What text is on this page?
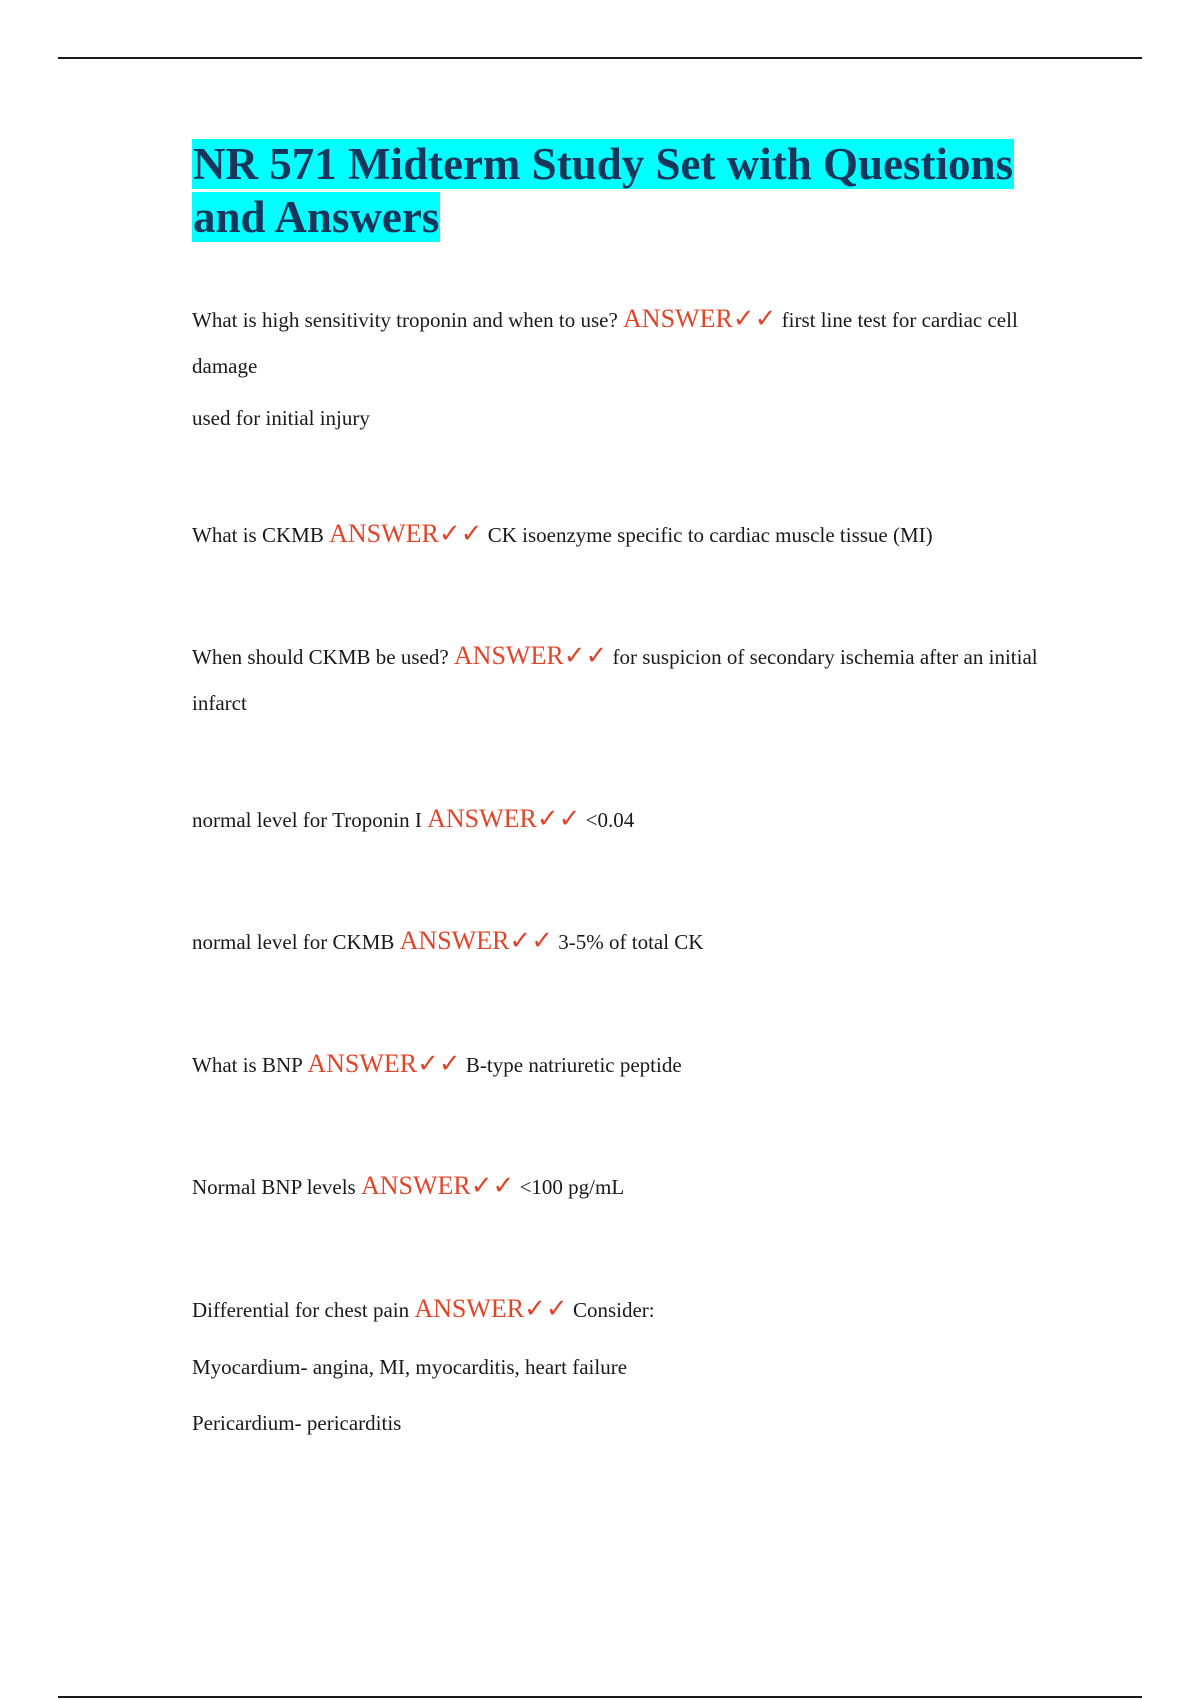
NR 571 Midterm Study Set with Questions
and Answers

What is high sensitivity troponin and when to use? ANSWER✓✓ first line test for cardiac cell damage

used for initial injury

What is CKMB ANSWER✓✓ CK isoenzyme specific to cardiac muscle tissue (MI)

When should CKMB be used? ANSWER✓✓ for suspicion of secondary ischemia after an initial infarct

normal level for Troponin I ANSWER✓✓ <0.04

normal level for CKMB ANSWER✓✓ 3-5% of total CK

What is BNP ANSWER✓✓ B-type natriuretic peptide

Normal BNP levels ANSWER✓✓ <100 pg/mL

Differential for chest pain ANSWER✓✓ Consider:

Myocardium- angina, MI, myocarditis, heart failure

Pericardium- pericarditis
